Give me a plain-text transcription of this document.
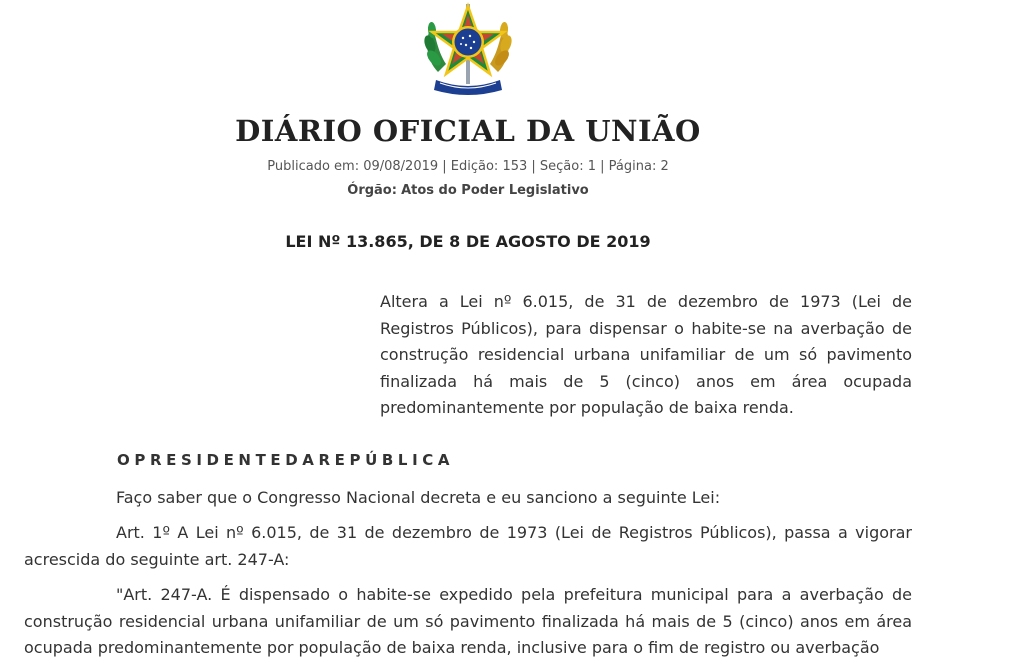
DIÁRIO OFICIAL DA UNIÃO
Publicado em: 09/08/2019 | Edição: 153 | Seção: 1 | Página: 2
Órgão: Atos do Poder Legislativo
LEI Nº 13.865, DE 8 DE AGOSTO DE 2019
Altera a Lei nº 6.015, de 31 de dezembro de 1973 (Lei de Registros Públicos), para dispensar o habite-se na averbação de construção residencial urbana unifamiliar de um só pavimento finalizada há mais de 5 (cinco) anos em área ocupada predominantemente por população de baixa renda.
OPRESIDENTEDAREPÚBLICA

Faço saber que o Congresso Nacional decreta e eu sanciono a seguinte Lei:

Art. 1º A Lei nº 6.015, de 31 de dezembro de 1973 (Lei de Registros Públicos), passa a vigorar acrescida do seguinte art. 247-A:

"Art. 247-A. É dispensado o habite-se expedido pela prefeitura municipal para a averbação de construção residencial urbana unifamiliar de um só pavimento finalizada há mais de 5 (cinco) anos em área ocupada predominantemente por população de baixa renda, inclusive para o fim de registro ou averbação
